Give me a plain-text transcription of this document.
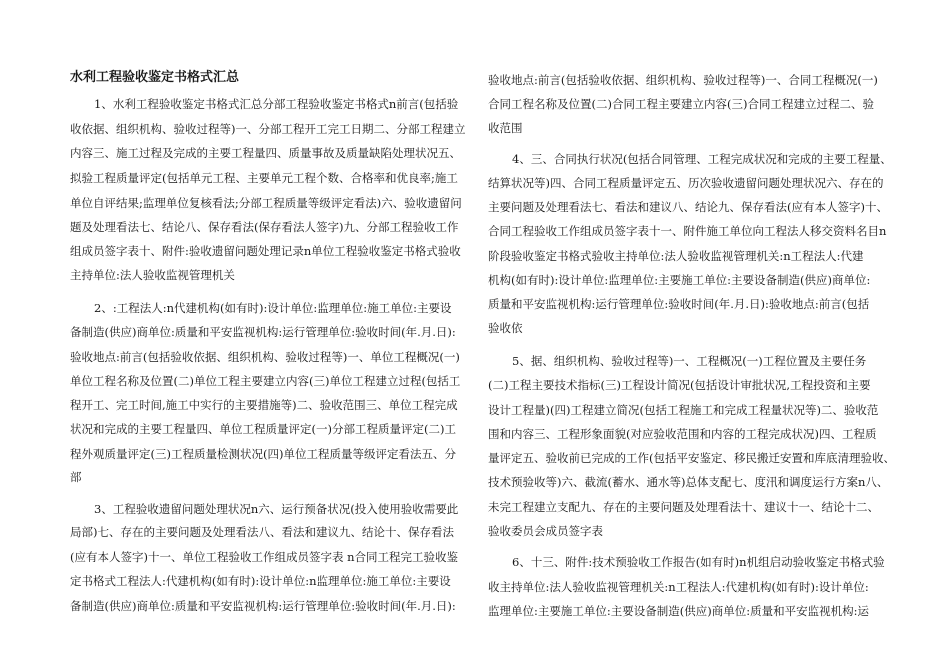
水利工程验收鉴定书格式汇总
1、水利工程验收鉴定书格式汇总分部工程验收鉴定书格式n前言(包括验
收依据、组织机构、验收过程等)一、分部工程开工完工日期二、分部工程建立
内容三、施工过程及完成的主要工程量四、质量事故及质量缺陷处理状况五、
拟验工程质量评定(包括单元工程、主要单元工程个数、合格率和优良率;施工
单位自评结果;监理单位复核看法;分部工程质量等级评定看法)六、验收遗留问
题及处理看法七、结论八、保存看法(保存看法人签字)九、分部工程验收工作
组成员签字表十、附件:验收遗留问题处理记录n单位工程验收鉴定书格式验收
主持单位:法人验收监视管理机关
2、:工程法人:n代建机构(如有时):设计单位:监理单位:施工单位:主要设
备制造(供应)商单位:质量和平安监视机构:运行管理单位:验收时间(年.月.日):
验收地点:前言(包括验收依据、组织机构、验收过程等)一、单位工程概况(一)
单位工程名称及位置(二)单位工程主要建立内容(三)单位工程建立过程(包括工
程开工、完工时间,施工中实行的主要措施等)二、验收范围三、单位工程完成
状况和完成的主要工程量四、单位工程质量评定(一)分部工程质量评定(二)工
程外观质量评定(三)工程质量检测状况(四)单位工程质量等级评定看法五、分
部
3、工程验收遗留问题处理状况n六、运行预备状况(投入使用验收需要此
局部)七、存在的主要问题及处理看法八、看法和建议九、结论十、保存看法
(应有本人签字)十一、单位工程验收工作组成员签字表 n合同工程完工验收鉴
定书格式工程法人:代建机构(如有时):设计单位:n监理单位:施工单位:主要设
备制造(供应)商单位:质量和平安监视机构:运行管理单位:验收时间(年.月.日):
验收地点:前言(包括验收依据、组织机构、验收过程等)一、合同工程概况(一)
合同工程名称及位置(二)合同工程主要建立内容(三)合同工程建立过程二、验
收范围
4、三、合同执行状况(包括合同管理、工程完成状况和完成的主要工程量、
结算状况等)四、合同工程质量评定五、历次验收遗留问题处理状况六、存在的
主要问题及处理看法七、看法和建议八、结论九、保存看法(应有本人签字)十、
合同工程验收工作组成员签字表十一、附件施工单位向工程法人移交资料名目n
阶段验收鉴定书格式验收主持单位:法人验收监视管理机关:n工程法人:代建
机构(如有时):设计单位:监理单位:主要施工单位:主要设备制造(供应)商单位:
质量和平安监视机构:运行管理单位:验收时间(年.月.日):验收地点:前言(包括
验收依
5、据、组织机构、验收过程等)一、工程概况(一)工程位置及主要任务
(二)工程主要技术指标(三)工程设计简况(包括设计审批状况,工程投资和主要
设计工程量)(四)工程建立简况(包括工程施工和完成工程量状况等)二、验收范
围和内容三、工程形象面貌(对应验收范围和内容的工程完成状况)四、工程质
量评定五、验收前已完成的工作(包括平安鉴定、移民搬迁安置和库底清理验收、
技术预验收等)六、截流(蓄水、通水等)总体支配七、度汛和调度运行方案n八、
未完工程建立支配九、存在的主要问题及处理看法十、建议十一、结论十二、
验收委员会成员签字表
6、十三、附件:技术预验收工作报告(如有时)n机组启动验收鉴定书格式验
收主持单位:法人验收监视管理机关:n工程法人:代建机构(如有时):设计单位:
监理单位:主要施工单位:主要设备制造(供应)商单位:质量和平安监视机构:运
